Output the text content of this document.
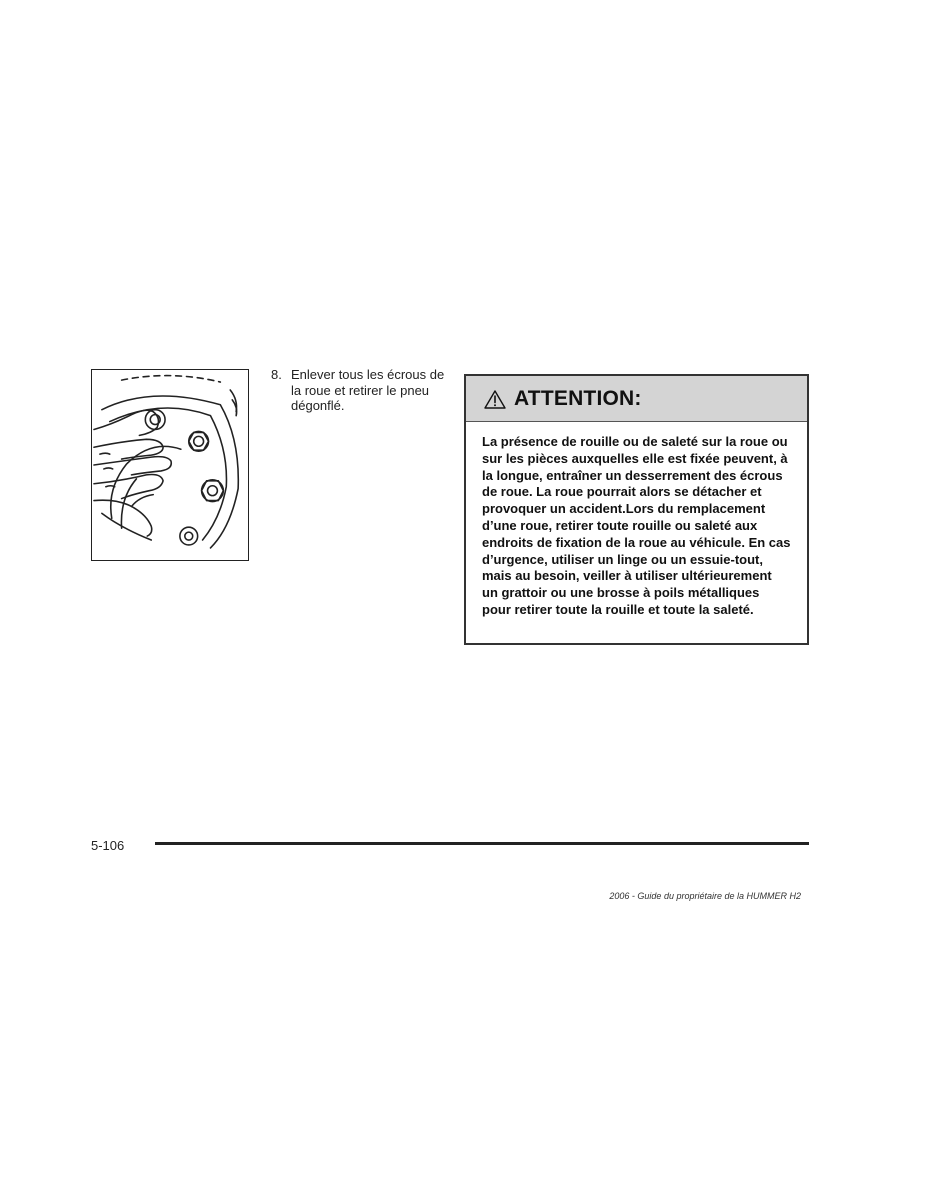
8. Enlever tous les écrous de la roue et retirer le pneu dégonflé.	ATTENTION:
La présence de rouille ou de saleté sur la roue ou sur les pièces auxquelles elle est fixée peuvent, à la longue, entraîner un desserrement des écrous de roue. La roue pourrait alors se détacher et provoquer un accident.Lors du remplacement d’une roue, retirer toute rouille ou saleté aux endroits de fixation de la roue au véhicule. En cas d’urgence, utiliser un linge ou un essuie-tout, mais au besoin, veiller à utiliser ultérieurement un grattoir ou une brosse à poils métalliques pour retirer toute la rouille et toute la saleté.
5-106
2006 - Guide du propriétaire de la HUMMER H2
